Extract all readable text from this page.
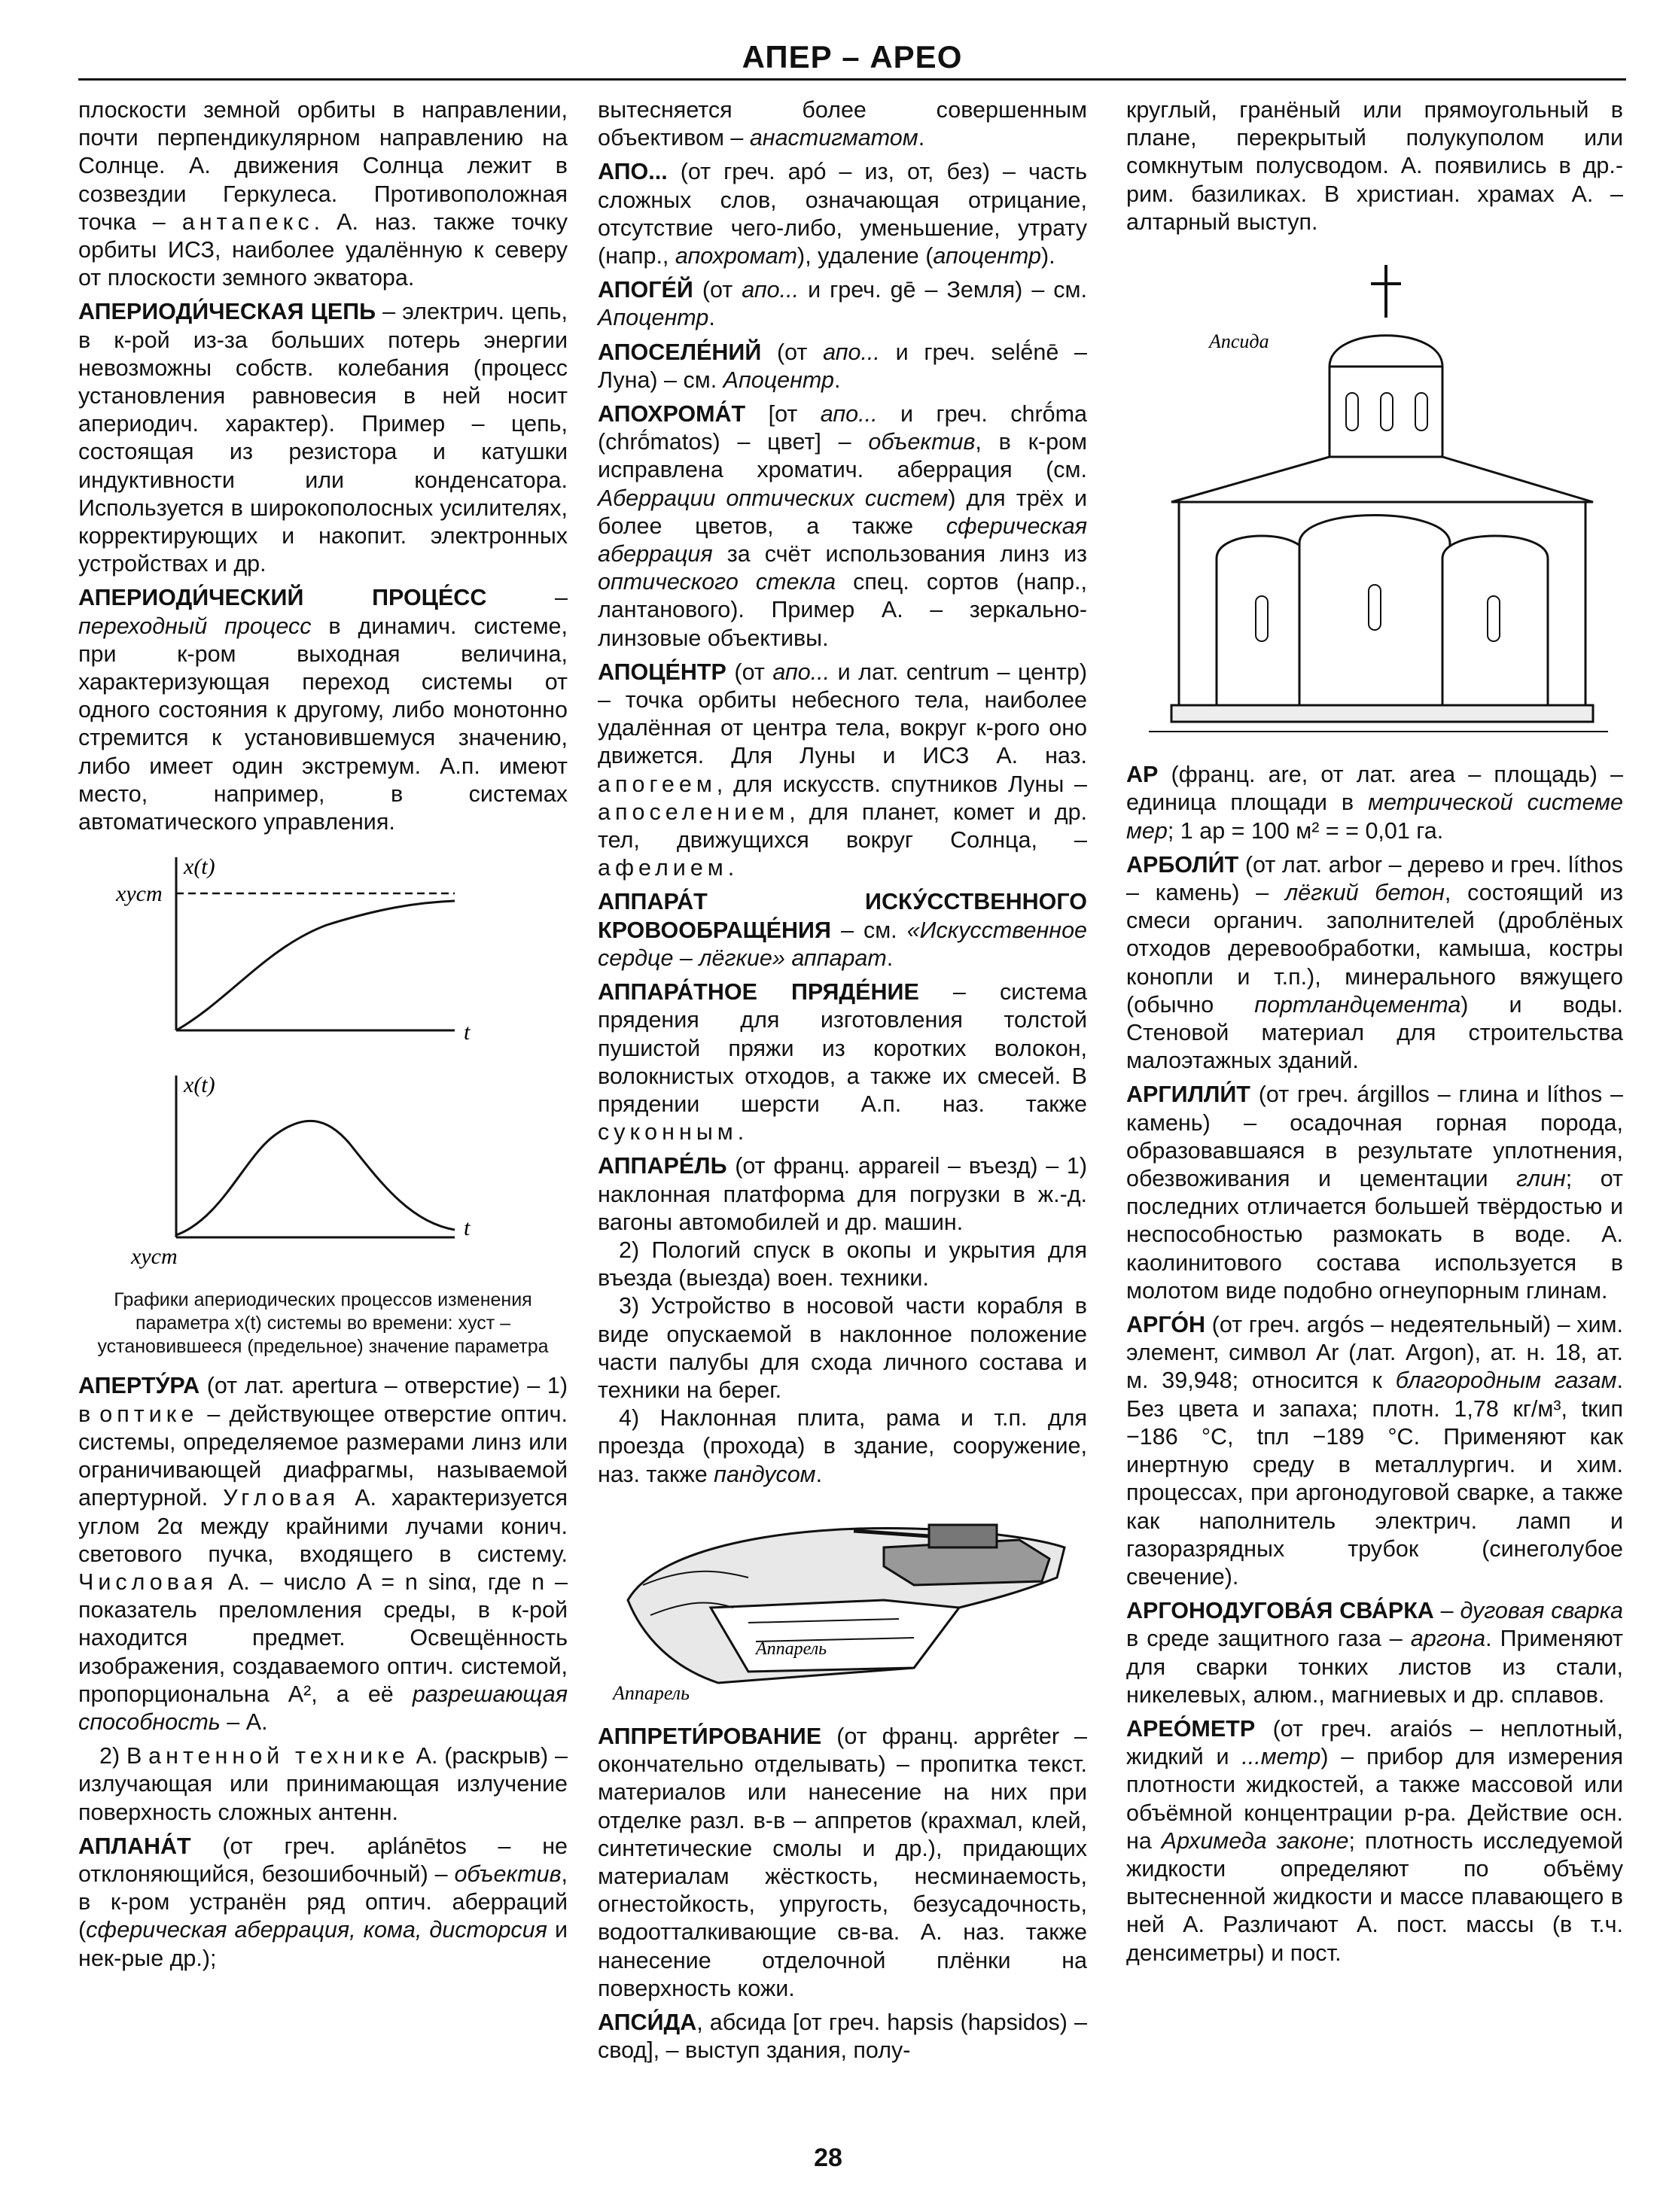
АПЕР – АРЕО

плоскости земной орбиты в направлении, почти перпендикулярном направлению на Солнце. А. движения Солнца лежит в созвездии Геркулеса. Противоположная точка – антапекс. А. наз. также точку орбиты ИСЗ, наиболее удалённую к северу от плоскости земного экватора.

АПЕРИОДИ́ЧЕСКАЯ ЦЕПЬ – электрич. цепь, в к-рой из-за больших потерь энергии невозможны собств. колебания (процесс установления равновесия в ней носит апериодич. характер). Пример – цепь, состоящая из резистора и катушки индуктивности или конденсатора. Используется в широкополосных усилителях, корректирующих и накопит. электронных устройствах и др.

АПЕРИОДИ́ЧЕСКИЙ ПРОЦЕ́СС – переходный процесс в динамич. системе, при к-ром выходная величина, характеризующая переход системы от одного состояния к другому, либо монотонно стремится к установившемуся значению, либо имеет один экстремум. А.п. имеют место, например, в системах автоматического управления.

x(t)
t
xуст
x(t)
t
xуст
Графики апериодических процессов изменения параметра x(t) системы во времени: xуст – установившееся (предельное) значение параметра

АПЕРТУ́РА (от лат. apertura – отверстие) – 1) в оптике – действующее отверстие оптич. системы, определяемое размерами линз или ограничивающей диафрагмы, называемой апертурной. Угловая А. характеризуется углом 2α между крайними лучами конич. светового пучка, входящего в систему. Числовая А. – число A = n sinα, где n – показатель преломления среды, в к-рой находится предмет. Освещённость изображения, создаваемого оптич. системой, пропорциональна A², а её разрешающая способность – А.

2) В антенной технике А. (раскрыв) – излучающая или принимающая излучение поверхность сложных антенн.

АПЛАНА́Т (от греч. aplánētos – не отклоняющийся, безошибочный) – объектив, в к-ром устранён ряд оптич. аберраций (сферическая аберрация, кома, дисторсия и нек-рые др.);

вытесняется более совершенным объективом – анастигматом.

АПО... (от греч. apó – из, от, без) – часть сложных слов, означающая отрицание, отсутствие чего-либо, уменьшение, утрату (напр., апохромат), удаление (апоцентр).

АПОГЕ́Й (от апо... и греч. gē – Земля) – см. Апоцентр.

АПОСЕЛЕ́НИЙ (от апо... и греч. selḗnē – Луна) – см. Апоцентр.

АПОХРОМА́Т [от апо... и греч. chrṓma (chrṓmatos) – цвет] – объектив, в к-ром исправлена хроматич. аберрация (см. Аберрации оптических систем) для трёх и более цветов, а также сферическая аберрация за счёт использования линз из оптического стекла спец. сортов (напр., лантанового). Пример А. – зеркально-линзовые объективы.

АПОЦЕ́НТР (от апо... и лат. centrum – центр) – точка орбиты небесного тела, наиболее удалённая от центра тела, вокруг к-рого оно движется. Для Луны и ИСЗ А. наз. апогеем, для искусств. спутников Луны – апоселением, для планет, комет и др. тел, движущихся вокруг Солнца, – афелием.

АППАРА́Т ИСКУ́ССТВЕННОГО КРОВООБРАЩЕ́НИЯ – см. «Искусственное сердце – лёгкие» аппарат.

АППАРА́ТНОЕ ПРЯДЕ́НИЕ – система прядения для изготовления толстой пушистой пряжи из коротких волокон, волокнистых отходов, а также их смесей. В прядении шерсти А.п. наз. также суконным.

АППАРЕ́ЛЬ (от франц. appareil – въезд) – 1) наклонная платформа для погрузки в ж.-д. вагоны автомобилей и др. машин.

2) Пологий спуск в окопы и укрытия для въезда (выезда) воен. техники.

3) Устройство в носовой части корабля в виде опускаемой в наклонное положение части палубы для схода личного состава и техники на берег.

4) Наклонная плита, рама и т.п. для проезда (прохода) в здание, сооружение, наз. также пандусом.

Аппарель
Аппарель

АППРЕТИ́РОВАНИЕ (от франц. apprêter – окончательно отделывать) – пропитка текст. материалов или нанесение на них при отделке разл. в-в – аппретов (крахмал, клей, синтетические смолы и др.), придающих материалам жёсткость, несминаемость, огнестойкость, упругость, безусадочность, водоотталкивающие св-ва. А. наз. также нанесение отделочной плёнки на поверхность кожи.

АПСИ́ДА, абсида [от греч. hapsis (hapsidos) – свод], – выступ здания, полу-

круглый, гранёный или прямоугольный в плане, перекрытый полукуполом или сомкнутым полусводом. А. появились в др.-рим. базиликах. В христиан. храмах А. – алтарный выступ.

Апсида

АР (франц. are, от лат. area – площадь) – единица площади в метрической системе мер; 1 ар = 100 м² = = 0,01 га.

АРБОЛИ́Т (от лат. arbor – дерево и греч. líthos – камень) – лёгкий бетон, состоящий из смеси органич. заполнителей (дроблёных отходов деревообработки, камыша, костры конопли и т.п.), минерального вяжущего (обычно портландцемента) и воды. Стеновой материал для строительства малоэтажных зданий.

АРГИЛЛИ́Т (от греч. árgillos – глина и líthos – камень) – осадочная горная порода, образовавшаяся в результате уплотнения, обезвоживания и цементации глин; от последних отличается большей твёрдостью и неспособностью размокать в воде. А. каолинитового состава используется в молотом виде подобно огнеупорным глинам.

АРГО́Н (от греч. argós – недеятельный) – хим. элемент, символ Ar (лат. Argon), ат. н. 18, ат. м. 39,948; относится к благородным газам. Без цвета и запаха; плотн. 1,78 кг/м³, tкип −186 °C, tпл −189 °C. Применяют как инертную среду в металлургич. и хим. процессах, при аргонодуговой сварке, а также как наполнитель электрич. ламп и газоразрядных трубок (синеголубое свечение).

АРГОНОДУГОВА́Я СВА́РКА – дуговая сварка в среде защитного газа – аргона. Применяют для сварки тонких листов из стали, никелевых, алюм., магниевых и др. сплавов.

АРЕО́МЕТР (от греч. araiós – неплотный, жидкий и ...метр) – прибор для измерения плотности жидкостей, а также массовой или объёмной концентрации р-ра. Действие осн. на Архимеда законе; плотность исследуемой жидкости определяют по объёму вытесненной жидкости и массе плавающего в ней А. Различают А. пост. массы (в т.ч. денсиметры) и пост.

28
